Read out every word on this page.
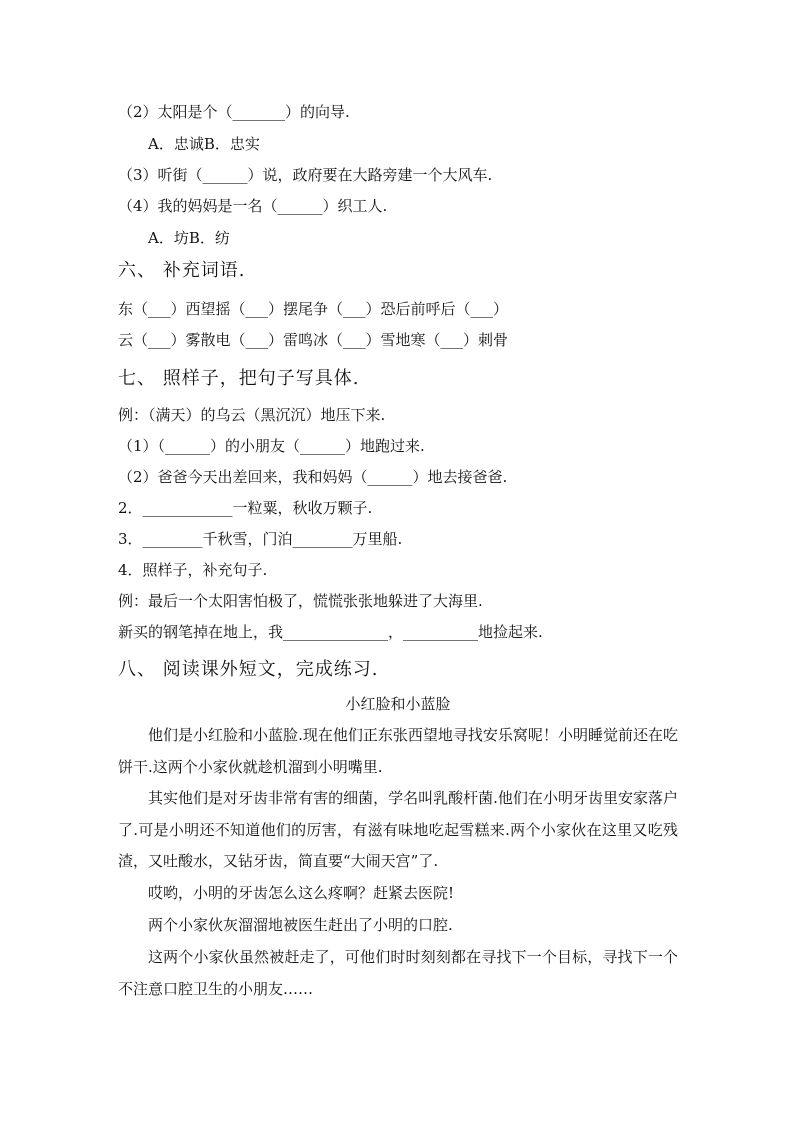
（2）太阳是个（_______）的向导.
A．忠诚B．忠实
（3）听街（______）说，政府要在大路旁建一个大风车.
（4）我的妈妈是一名（______）织工人.
A．坊B．纺
六、 补充词语.
东（___）西望摇（___）摆尾争（___）恐后前呼后（___）
云（___）雾散电（___）雷鸣冰（___）雪地寒（___）刺骨
七、 照样子，把句子写具体.
例：（满天）的乌云（黑沉沉）地压下来.
（1）（______）的小朋友（______）地跑过来.
（2）爸爸今天出差回来，我和妈妈（______）地去接爸爸.
2．____________一粒粟，秋收万颗子.
3．________千秋雪，门泊________万里船.
4．照样子，补充句子.
例：最后一个太阳害怕极了，慌慌张张地躲进了大海里.
新买的钢笔掉在地上，我______________，__________地捡起来.
八、 阅读课外短文，完成练习.
小红脸和小蓝脸
他们是小红脸和小蓝脸.现在他们正东张西望地寻找安乐窝呢！小明睡觉前还在吃饼干.这两个小家伙就趁机溜到小明嘴里.
其实他们是对牙齿非常有害的细菌，学名叫乳酸杆菌.他们在小明牙齿里安家落户了.可是小明还不知道他们的厉害，有滋有味地吃起雪糕来.两个小家伙在这里又吃残渣，又吐酸水，又钻牙齿，简直要“大闹天宫”了.
哎哟，小明的牙齿怎么这么疼啊？赶紧去医院!
两个小家伙灰溜溜地被医生赶出了小明的口腔.
这两个小家伙虽然被赶走了，可他们时时刻刻都在寻找下一个目标，寻找下一个不注意口腔卫生的小朋友……
